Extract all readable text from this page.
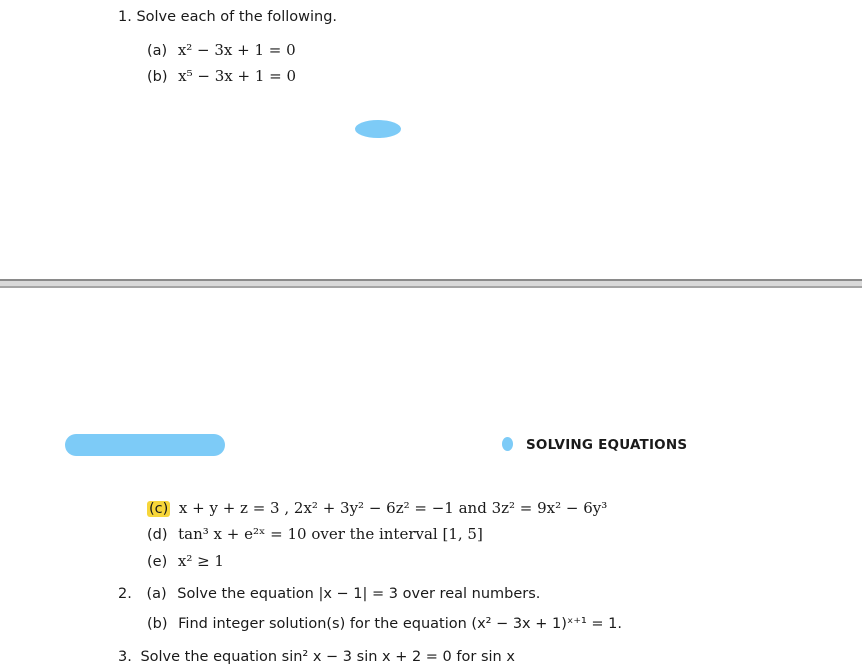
1. Solve each of the following.
(a) x² − 3x + 1 = 0
(b) x⁵ − 3x + 1 = 0
SOLVING EQUATIONS
(c) x + y + z = 3 , 2x² + 3y² − 6z² = −1 and 3z² = 9x² − 6y³
(d) tan³ x + e²ˣ = 10 over the interval [1, 5]
(e) x² ≥ 1
2. (a) Solve the equation |x − 1| = 3 over real numbers.
(b) Find integer solution(s) for the equation (x² − 3x + 1)ˣ⁺¹ = 1.
3. Solve the equation sin² x − 3 sin x + 2 = 0 for sin x
